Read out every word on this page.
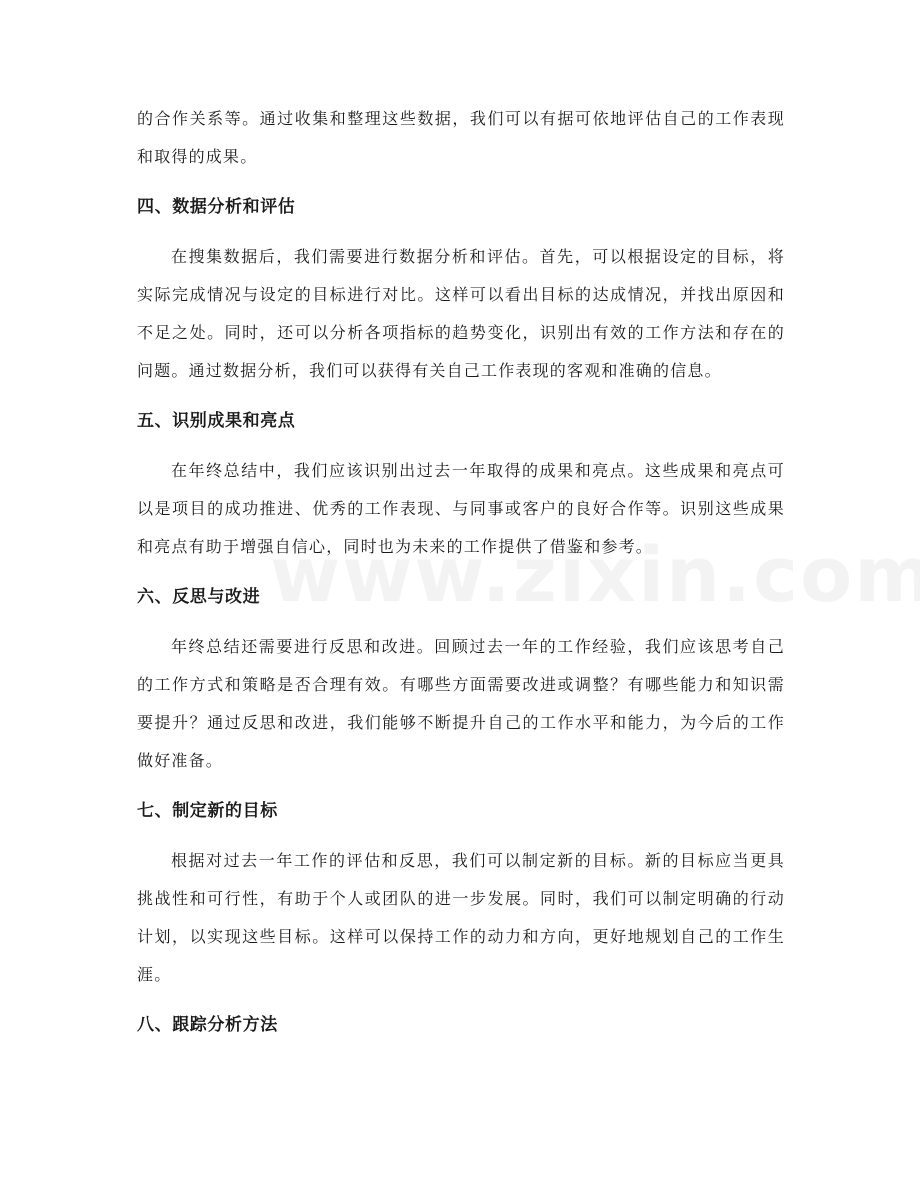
的合作关系等。通过收集和整理这些数据，我们可以有据可依地评估自己的工作表现和取得的成果。

四、数据分析和评估

在搜集数据后，我们需要进行数据分析和评估。首先，可以根据设定的目标，将实际完成情况与设定的目标进行对比。这样可以看出目标的达成情况，并找出原因和不足之处。同时，还可以分析各项指标的趋势变化，识别出有效的工作方法和存在的问题。通过数据分析，我们可以获得有关自己工作表现的客观和准确的信息。

五、识别成果和亮点

在年终总结中，我们应该识别出过去一年取得的成果和亮点。这些成果和亮点可以是项目的成功推进、优秀的工作表现、与同事或客户的良好合作等。识别这些成果和亮点有助于增强自信心，同时也为未来的工作提供了借鉴和参考。

六、反思与改进

年终总结还需要进行反思和改进。回顾过去一年的工作经验，我们应该思考自己的工作方式和策略是否合理有效。有哪些方面需要改进或调整？有哪些能力和知识需要提升？通过反思和改进，我们能够不断提升自己的工作水平和能力，为今后的工作做好准备。

七、制定新的目标

根据对过去一年工作的评估和反思，我们可以制定新的目标。新的目标应当更具挑战性和可行性，有助于个人或团队的进一步发展。同时，我们可以制定明确的行动计划，以实现这些目标。这样可以保持工作的动力和方向，更好地规划自己的工作生涯。

八、跟踪分析方法
